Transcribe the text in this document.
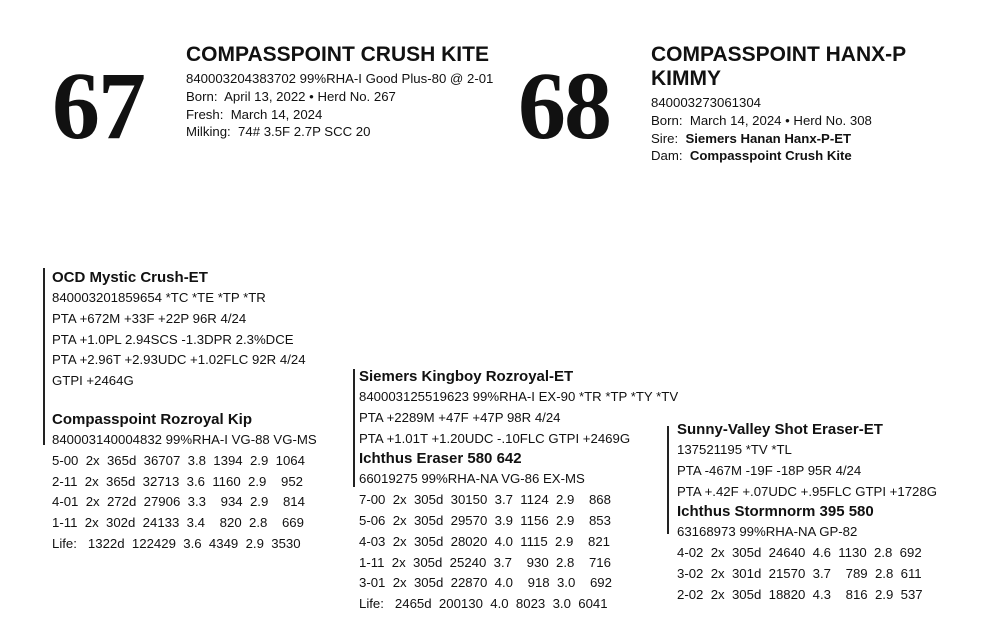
67 COMPASSPOINT CRUSH KITE
840003204383702 99%RHA-I Good Plus-80 @ 2-01
Born:  April 13, 2022 • Herd No. 267
Fresh:  March 14, 2024
Milking:  74# 3.5F 2.7P SCC 20	68 COMPASSPOINT HANX-P KIMMY
840003273061304
Born:  March 14, 2024 • Herd No. 308
Sire: Siemers Hanan Hanx-P-ET
Dam: Compasspoint Crush Kite
OCD Mystic Crush-ET
840003201859654 *TC *TE *TP *TR
PTA +672M +33F +22P 96R 4/24
PTA +1.0PL 2.94SCS -1.3DPR 2.3%DCE
PTA +2.96T +2.93UDC +1.02FLC 92R 4/24
GTPI +2464G
Compasspoint Rozroyal Kip
840003140004832 99%RHA-I VG-88 VG-MS
5-00  2x  365d  36707  3.8  1394  2.9  1064
2-11  2x  365d  32713  3.6  1160  2.9    952
4-01  2x  272d  27906  3.3    934  2.9    814
1-11  2x  302d  24133  3.4    820  2.8    669
Life:   1322d  122429  3.6  4349  2.9  3530
Siemers Kingboy Rozroyal-ET
840003125519623 99%RHA-I EX-90 *TR *TP *TY *TV
PTA +2289M +47F +47P 98R 4/24
PTA +1.01T +1.20UDC -.10FLC GTPI +2469G
Ichthus Eraser 580 642
66019275 99%RHA-NA VG-86 EX-MS
7-00  2x  305d  30150  3.7  1124  2.9    868
5-06  2x  305d  29570  3.9  1156  2.9    853
4-03  2x  305d  28020  4.0  1115  2.9    821
1-11  2x  305d  25240  3.7    930  2.8    716
3-01  2x  305d  22870  4.0    918  3.0    692
Life:   2465d  200130  4.0  8023  3.0  6041
Sunny-Valley Shot Eraser-ET
137521195 *TV *TL
PTA -467M -19F -18P 95R 4/24
PTA +.42F +.07UDC +.95FLC GTPI +1728G
Ichthus Stormnorm 395 580
63168973 99%RHA-NA GP-82
4-02  2x  305d  24640  4.6  1130  2.8  692
3-02  2x  301d  21570  3.7    789  2.8  611
2-02  2x  305d  18820  4.3    816  2.9  537
